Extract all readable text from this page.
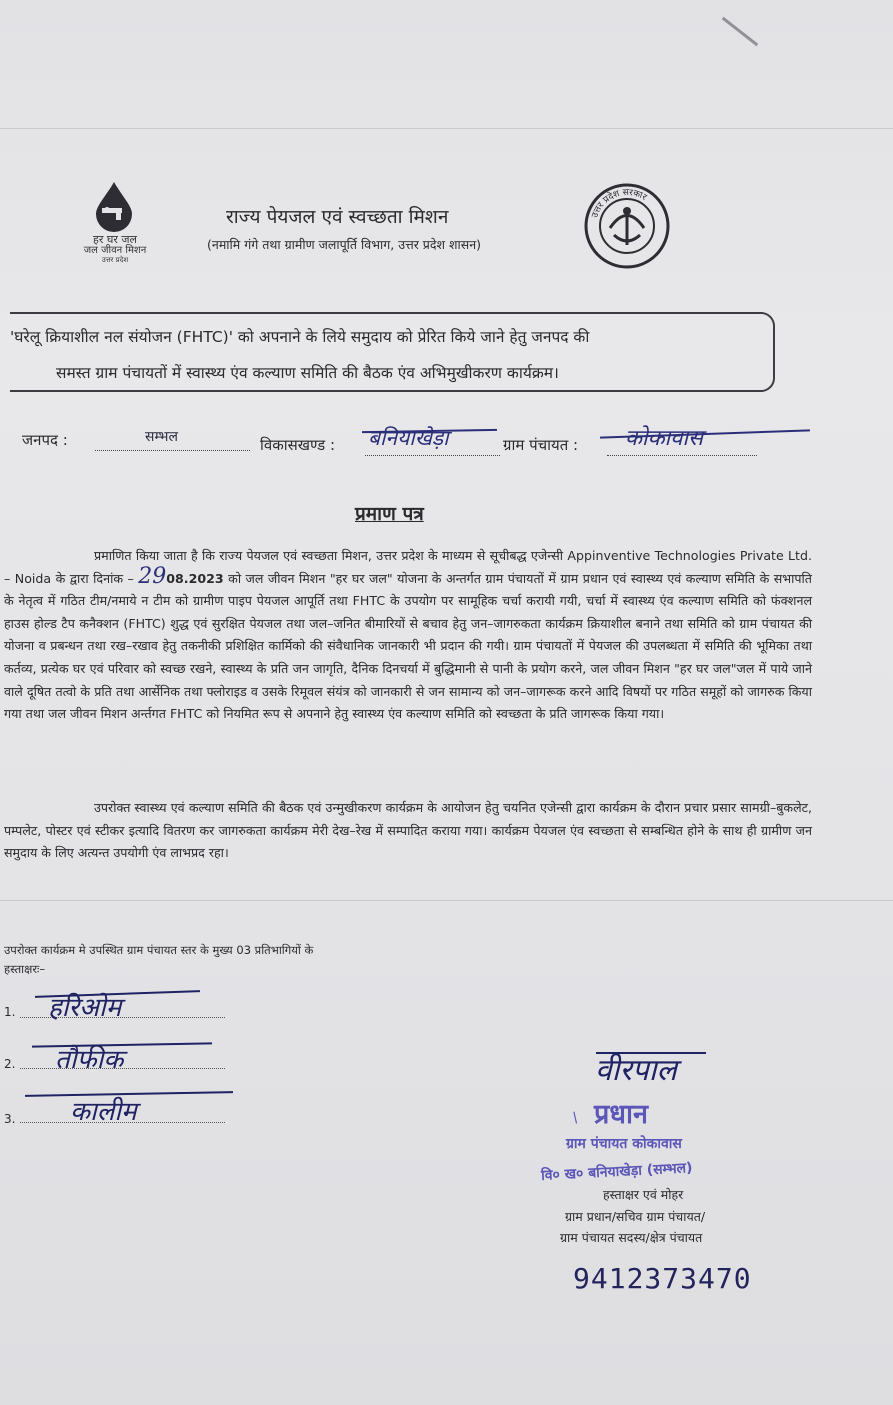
हर घर जल
जल जीवन मिशन
उत्तर प्रदेश
उत्तर प्रदेश सरकार
राज्य पेयजल एवं स्वच्छता मिशन
(नमामि गंगे तथा ग्रामीण जलापूर्ति विभाग, उत्तर प्रदेश शासन)
'घरेलू क्रियाशील नल संयोजन (FHTC)' को अपनाने के लिये समुदाय को प्रेरित किये जाने हेतु जनपद की
समस्त ग्राम पंचायतों में स्वास्थ्य एंव कल्याण समिति की बैठक एंव अभिमुखीकरण कार्यक्रम।
जनपद :	सम्भल	विकासखण्ड : बनियाखेड़ा	ग्राम पंचायत : कोकावास
प्रमाण पत्र
प्रमाणित किया जाता है कि राज्य पेयजल एवं स्वच्छता मिशन, उत्तर प्रदेश के माध्यम से सूचीबद्ध एजेन्सी Appinventive Technologies Private Ltd. – Noida के द्वारा दिनांक – 2908.2023 को जल जीवन मिशन "हर घर जल" योजना के अन्तर्गत ग्राम पंचायतों में ग्राम प्रधान एवं स्वास्थ्य एवं कल्याण समिति के सभापति के नेतृत्व में गठित टीम/नमाये न टीम को ग्रामीण पाइप पेयजल आपूर्ति तथा FHTC के उपयोग पर सामूहिक चर्चा करायी गयी, चर्चा में स्वास्थ्य एंव कल्याण समिति को फंक्शनल हाउस होल्ड टैप कनैक्शन (FHTC) शुद्ध एवं सुरक्षित पेयजल तथा जल–जनित बीमारियों से बचाव हेतु जन–जागरुकता कार्यक्रम क्रियाशील बनाने तथा समिति को ग्राम पंचायत की योजना व प्रबन्धन तथा रख–रखाव हेतु तकनीकी प्रशिक्षित कार्मिको की संवैधानिक जानकारी भी प्रदान की गयी। ग्राम पंचायतों में पेयजल की उपलब्धता में समिति की भूमिका तथा कर्तव्य, प्रत्येक घर एवं परिवार को स्वच्छ रखने, स्वास्थ्य के प्रति जन जागृति, दैनिक दिनचर्या में बुद्धिमानी से पानी के प्रयोग करने, जल जीवन मिशन "हर घर जल"जल में पाये जाने वाले दूषित तत्वो के प्रति तथा आर्सेनिक तथा फ्लोराइड व उसके रिमूवल संयंत्र को जानकारी से जन सामान्य को जन–जागरूक करने आदि विषयों पर गठित समूहों को जागरुक किया गया तथा जल जीवन मिशन अर्न्तगत FHTC को नियमित रूप से अपनाने हेतु स्वास्थ्य एंव कल्याण समिति को स्वच्छता के प्रति जागरूक किया गया।
उपरोक्त स्वास्थ्य एवं कल्याण समिति की बैठक एवं उन्मुखीकरण कार्यक्रम के आयोजन हेतु चयनित एजेन्सी द्वारा कार्यक्रम के दौरान प्रचार प्रसार सामग्री–बुकलेट, पम्पलेट, पोस्टर एवं स्टीकर इत्यादि वितरण कर जागरुकता कार्यक्रम मेरी देख–रेख में सम्पादित कराया गया। कार्यक्रम पेयजल एंव स्वच्छता से सम्बन्धित होने के साथ ही ग्रामीण जन समुदाय के लिए अत्यन्त उपयोगी एंव लाभप्रद रहा।
उपरोक्त कार्यक्रम मे उपस्थित ग्राम पंचायत स्तर के मुख्य 03 प्रतिभागियों के
हस्ताक्षरः–
1. हरिओम
2. तौफीक
3. कालीम
वीरपाल
/ प्रधान
ग्राम पंचायत कोकावास
वि० ख० बनियाखेड़ा (सम्भल)
हस्ताक्षर एवं मोहर
ग्राम प्रधान/सचिव ग्राम पंचायत/
ग्राम पंचायत सदस्य/क्षेत्र पंचायत
9412373470
